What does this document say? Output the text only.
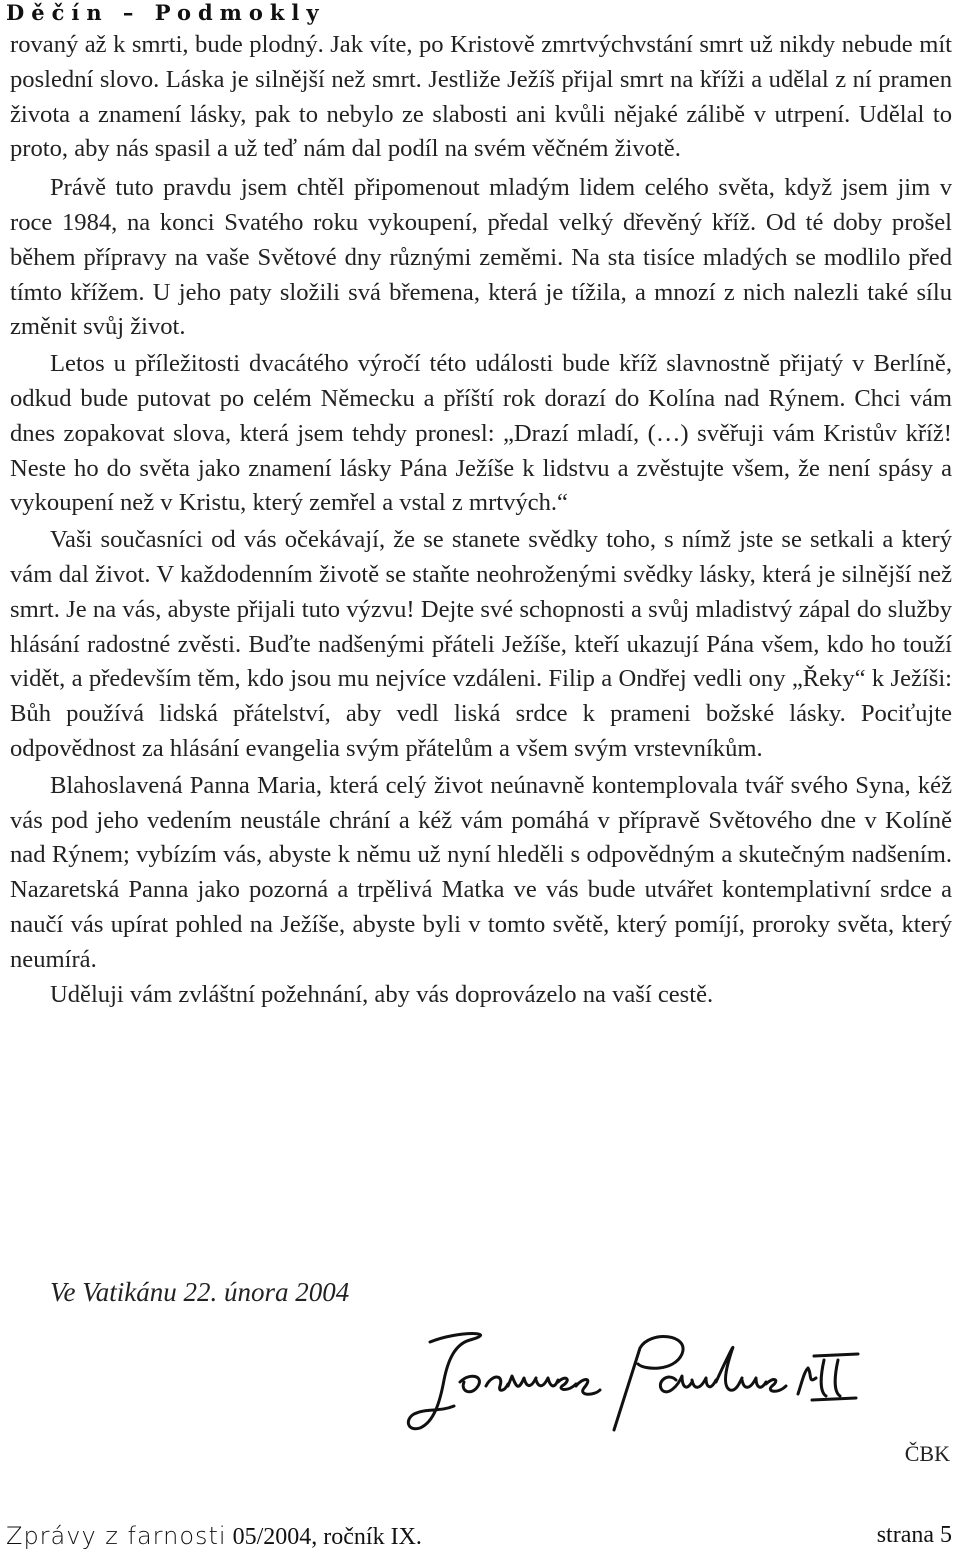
Děčín – Podmokly

rovaný až k smrti, bude plodný. Jak víte, po Kristově zmrtvýchvstání smrt už nikdy nebude mít poslední slovo. Láska je silnější než smrt. Jestliže Ježíš přijal smrt na kříži a udělal z ní pramen života a znamení lásky, pak to nebylo ze slabosti ani kvůli nějaké zálibě v utrpení. Udělal to proto, aby nás spasil a už teď nám dal podíl na svém věčném životě.

Právě tuto pravdu jsem chtěl připomenout mladým lidem celého světa, když jsem jim v roce 1984, na konci Svatého roku vykoupení, předal velký dřevěný kříž. Od té doby prošel během přípravy na vaše Světové dny různými zeměmi. Na sta tisíce mladých se modlilo před tímto křížem. U jeho paty složili svá břemena, která je tížila, a mnozí z nich nalezli také sílu změnit svůj život.

Letos u příležitosti dvacátého výročí této události bude kříž slavnostně přijatý v Berlíně, odkud bude putovat po celém Německu a příští rok dorazí do Kolína nad Rýnem. Chci vám dnes zopakovat slova, která jsem tehdy pronesl: „Drazí mladí, (…) svěřuji vám Kristův kříž! Neste ho do světa jako znamení lásky Pána Ježíše k lidstvu a zvěstujte všem, že není spásy a vykoupení než v Kristu, který zemřel a vstal z mrtvých.“

Vaši současníci od vás očekávají, že se stanete svědky toho, s nímž jste se setkali a který vám dal život. V každodenním životě se staňte neohroženými svědky lásky, která je silnější než smrt. Je na vás, abyste přijali tuto výzvu! Dejte své schopnosti a svůj mladistvý zápal do služby hlásání radostné zvěsti. Buďte nadšenými přáteli Ježíše, kteří ukazují Pána všem, kdo ho touží vidět, a především těm, kdo jsou mu nejvíce vzdáleni. Filip a Ondřej vedli ony „Řeky“ k Ježíši: Bůh používá lidská přátelství, aby vedl liská srdce k prameni božské lásky. Pociťujte odpovědnost za hlásání evangelia svým přátelům a všem svým vrstevníkům.

Blahoslavená Panna Maria, která celý život neúnavně kontemplovala tvář svého Syna, kéž vás pod jeho vedením neustále chrání a kéž vám pomáhá v přípravě Světového dne v Kolíně nad Rýnem; vybízím vás, abyste k němu už nyní hleděli s odpovědným a skutečným nadšením. Nazaretská Panna jako pozorná a trpělivá Matka ve vás bude utvářet kontemplativní srdce a naučí vás upírat pohled na Ježíše, abyste byli v tomto světě, který pomíjí, proroky světa, který neumírá.

Uděluji vám zvláštní požehnání, aby vás doprovázelo na vaší cestě.

Ve Vatikánu 22. února 2004
ČBK
Zprávy z farnosti 05/2004, ročník IX.	strana 5
